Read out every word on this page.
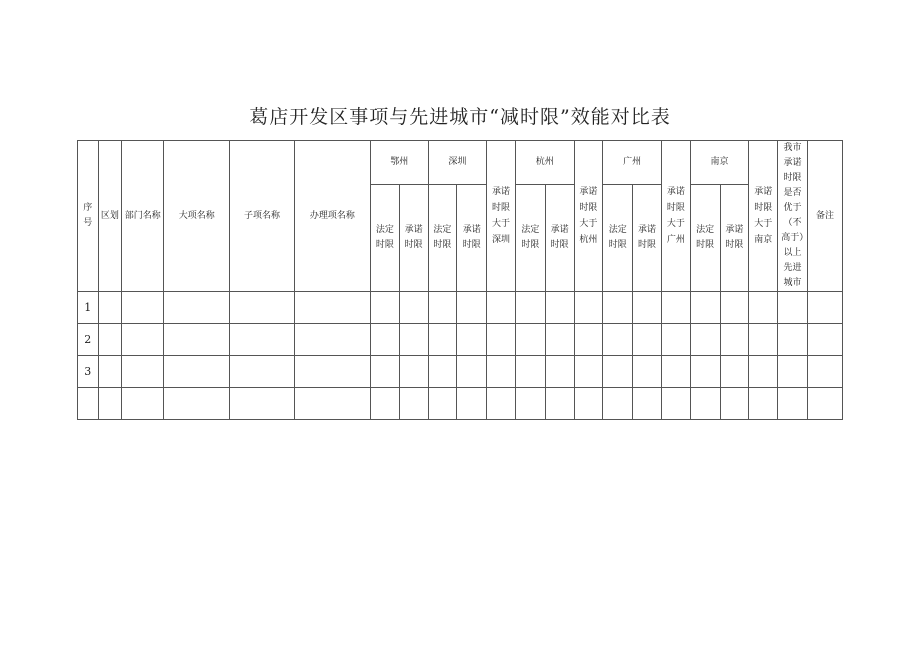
葛店开发区事项与先进城市“减时限”效能对比表
序号	区划	部门名称	大项名称	子项名称	办理项名称	鄂州		深圳		承诺时限大于深圳	杭州		承诺时限大于杭州	广州		承诺时限大于广州	南京		承诺时限大于南京	我市承诺时限是否优于（不高于）以上先进城市	备注
						法定时限	承诺时限	法定时限	承诺时限		法定时限	承诺时限		法定时限	承诺时限		法定时限	承诺时限			
1																					
2																					
3																					
